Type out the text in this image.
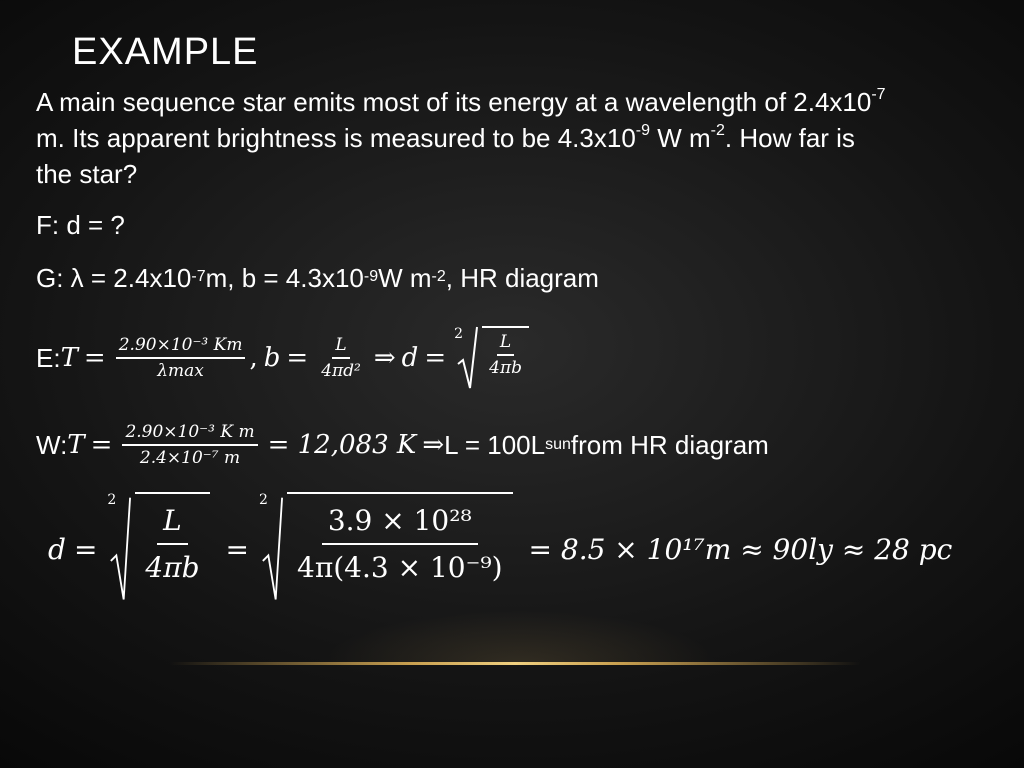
EXAMPLE

A main sequence star emits most of its energy at a wavelength of $2.4x10^{-7}$
m. Its apparent brightness is measured to be $4.3x10^{-9}$ W $m^{-2}$. How far is
the star?

F: d = ?
G: $\lambda = 2.4x10^{-7}$ m, $b = 4.3x10^{-9}$ W $m^{-2}$ , HR diagram
E: $T = \frac{\text{2.90×10⁻³ Km}}{\lambda\max}$ , $b = \frac{L}{\text{4πd²}}$ ⇒ d =
$2 \frac{L}{4\pi b}$
W: $T = \frac{\text{2.90×10⁻³ K m}}{\text{2.4×10⁻⁷ m}} = 12,083$ K ⇒ L = 100L sun from HR diagram
d =
$2 \frac{L}{4\pi b}$ =
$2 \frac{\text{3.9 × 10²⁸}}{\text{4π(4.3 × 10⁻⁹)}} = 8.5 \times 10^{17}m \approx 90ly \approx 28$ pc
